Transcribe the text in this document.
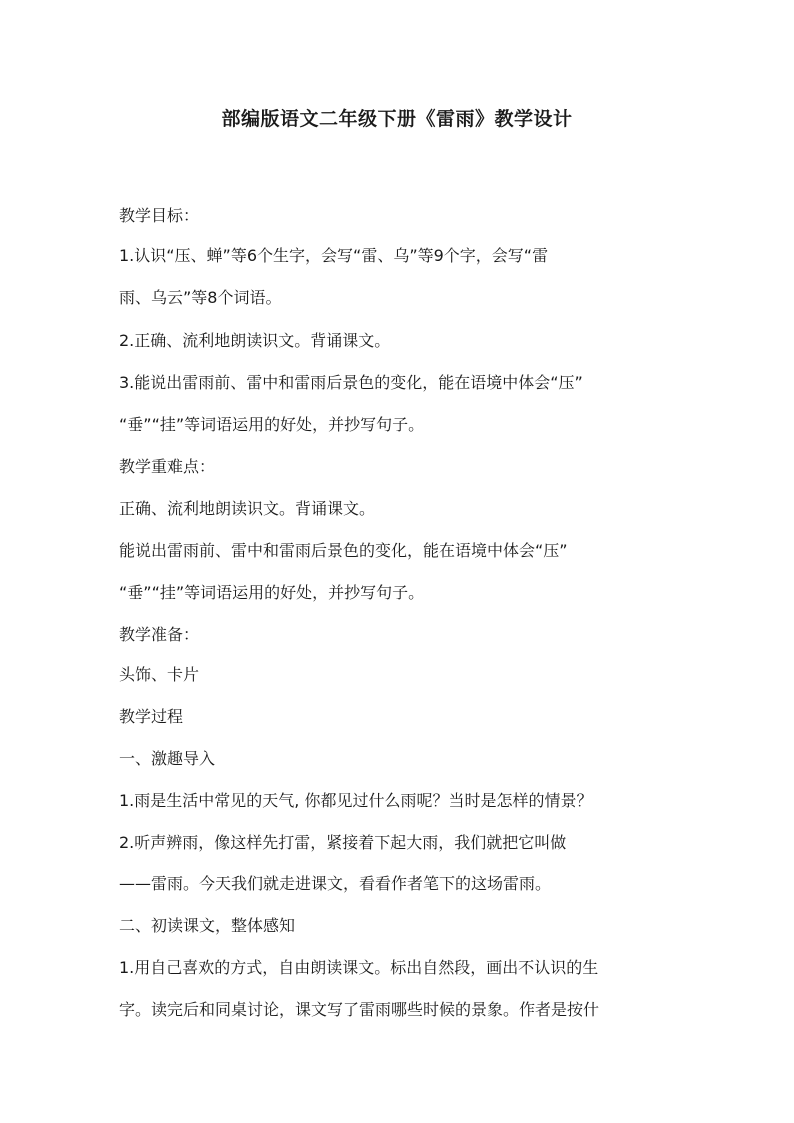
部编版语文二年级下册《雷雨》教学设计
教学目标：
1.认识“压、蝉”等6个生字，会写“雷、乌”等9个字，会写“雷
雨、乌云”等8个词语。
2.正确、流利地朗读识文。背诵课文。
3.能说出雷雨前、雷中和雷雨后景色的变化，能在语境中体会“压”
“垂”“挂”等词语运用的好处，并抄写句子。
教学重难点：
正确、流利地朗读识文。背诵课文。
能说出雷雨前、雷中和雷雨后景色的变化，能在语境中体会“压”
“垂”“挂”等词语运用的好处，并抄写句子。
教学准备：
头饰、卡片
教学过程
一、激趣导入
1.雨是生活中常见的天气, 你都见过什么雨呢？当时是怎样的情景？
2.听声辨雨，像这样先打雷，紧接着下起大雨，我们就把它叫做
——雷雨。今天我们就走进课文，看看作者笔下的这场雷雨。
二、初读课文，整体感知
1.用自己喜欢的方式，自由朗读课文。标出自然段，画出不认识的生
字。读完后和同桌讨论，课文写了雷雨哪些时候的景象。作者是按什
